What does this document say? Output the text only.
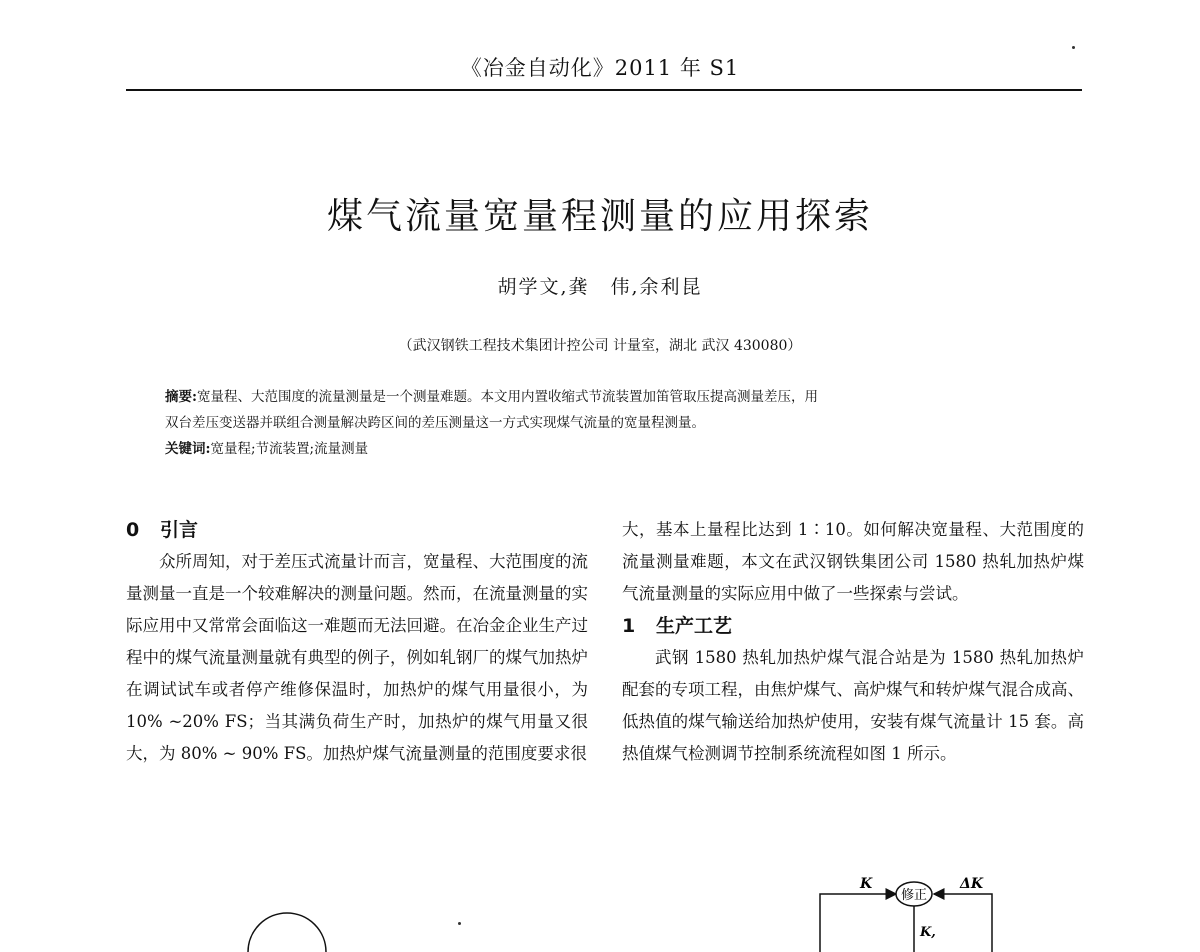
《冶金自动化》2011 年 S1
煤气流量宽量程测量的应用探索
胡学文,龚　伟,余利昆
（武汉钢铁工程技术集团计控公司 计量室，湖北 武汉 430080）
摘要:宽量程、大范围度的流量测量是一个测量难题。本文用内置收缩式节流装置加笛管取压提高测量差压，用
双台差压变送器并联组合测量解决跨区间的差压测量这一方式实现煤气流量的宽量程测量。
关键词:宽量程;节流装置;流量测量
0 引言
众所周知，对于差压式流量计而言，宽量程、大范围度的流量测量一直是一个较难解决的测量问题。然而，在流量测量的实际应用中又常常会面临这一难题而无法回避。在冶金企业生产过程中的煤气流量测量就有典型的例子，例如轧钢厂的煤气加热炉在调试试车或者停产维修保温时，加热炉的煤气用量很小，为 10% ~20% FS；当其满负荷生产时，加热炉的煤气用量又很大，为 80% ~ 90% FS。加热炉煤气流量测量的范围度要求很
大，基本上量程比达到 1∶10。如何解决宽量程、大范围度的流量测量难题，本文在武汉钢铁集团公司 1580 热轧加热炉煤气流量测量的实际应用中做了一些探索与尝试。
1 生产工艺
武钢 1580 热轧加热炉煤气混合站是为 1580 热轧加热炉配套的专项工程，由焦炉煤气、高炉煤气和转炉煤气混合成高、低热值的煤气输送给加热炉使用，安装有煤气流量计 15 套。高热值煤气检测调节控制系统流程如图 1 所示。
K
修正
ΔK
K,
